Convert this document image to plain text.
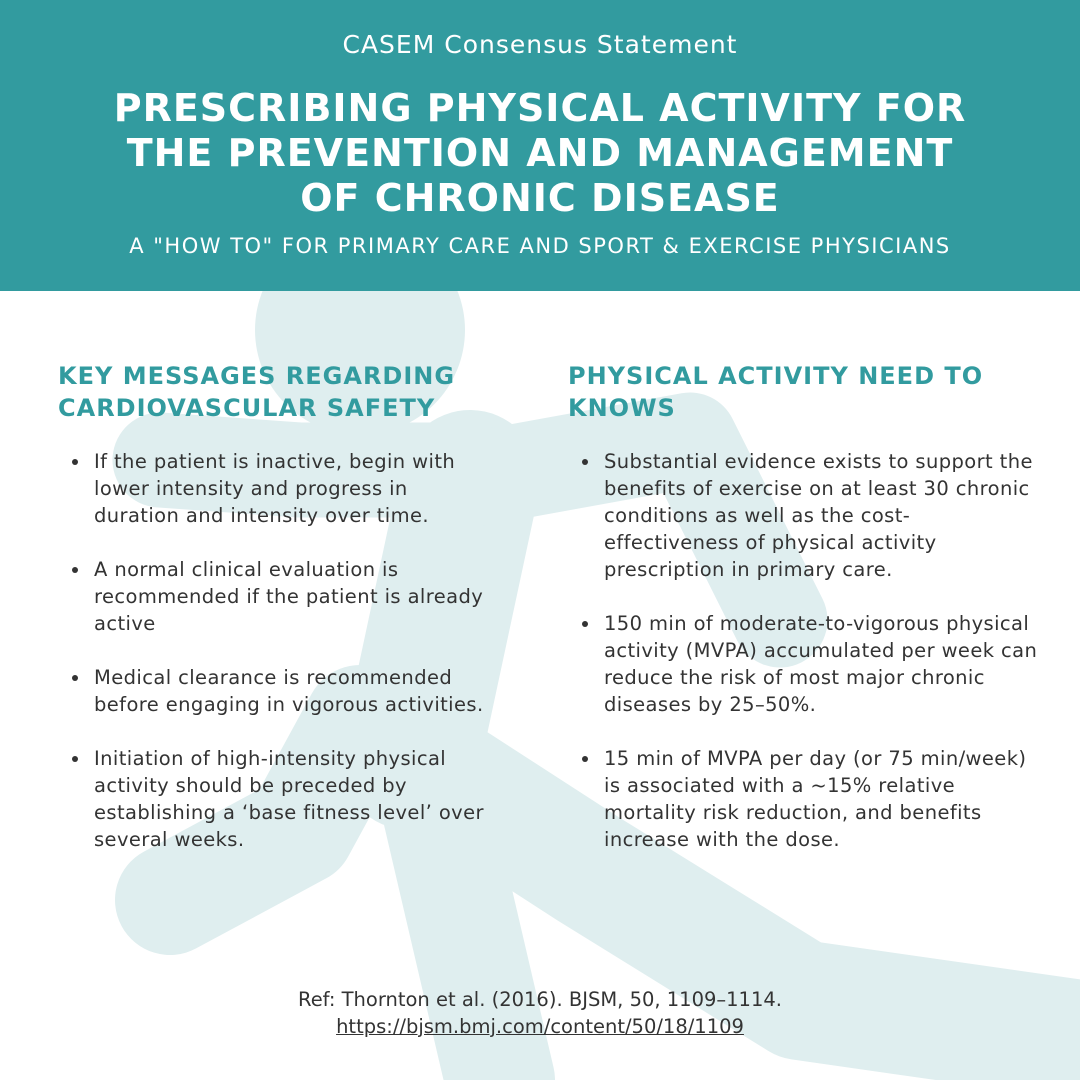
CASEM Consensus Statement
PRESCRIBING PHYSICAL ACTIVITY FOR THE PREVENTION AND MANAGEMENT OF CHRONIC DISEASE
A "HOW TO" FOR PRIMARY CARE AND SPORT & EXERCISE PHYSICIANS
KEY MESSAGES REGARDING CARDIOVASCULAR SAFETY
If the patient is inactive, begin with lower intensity and progress in duration and intensity over time.
A normal clinical evaluation is recommended if the patient is already active
Medical clearance is recommended before engaging in vigorous activities.
Initiation of high-intensity physical activity should be preceded by establishing a ‘base fitness level’ over several weeks.
PHYSICAL ACTIVITY NEED TO KNOWS
Substantial evidence exists to support the benefits of exercise on at least 30 chronic conditions as well as the cost-effectiveness of physical activity prescription in primary care.
150 min of moderate-to-vigorous physical activity (MVPA) accumulated per week can reduce the risk of most major chronic diseases by 25–50%.
15 min of MVPA per day (or 75 min/week) is associated with a ~15% relative mortality risk reduction, and benefits increase with the dose.
Ref: Thornton et al. (2016). BJSM, 50, 1109–1114.
https://bjsm.bmj.com/content/50/18/1109
